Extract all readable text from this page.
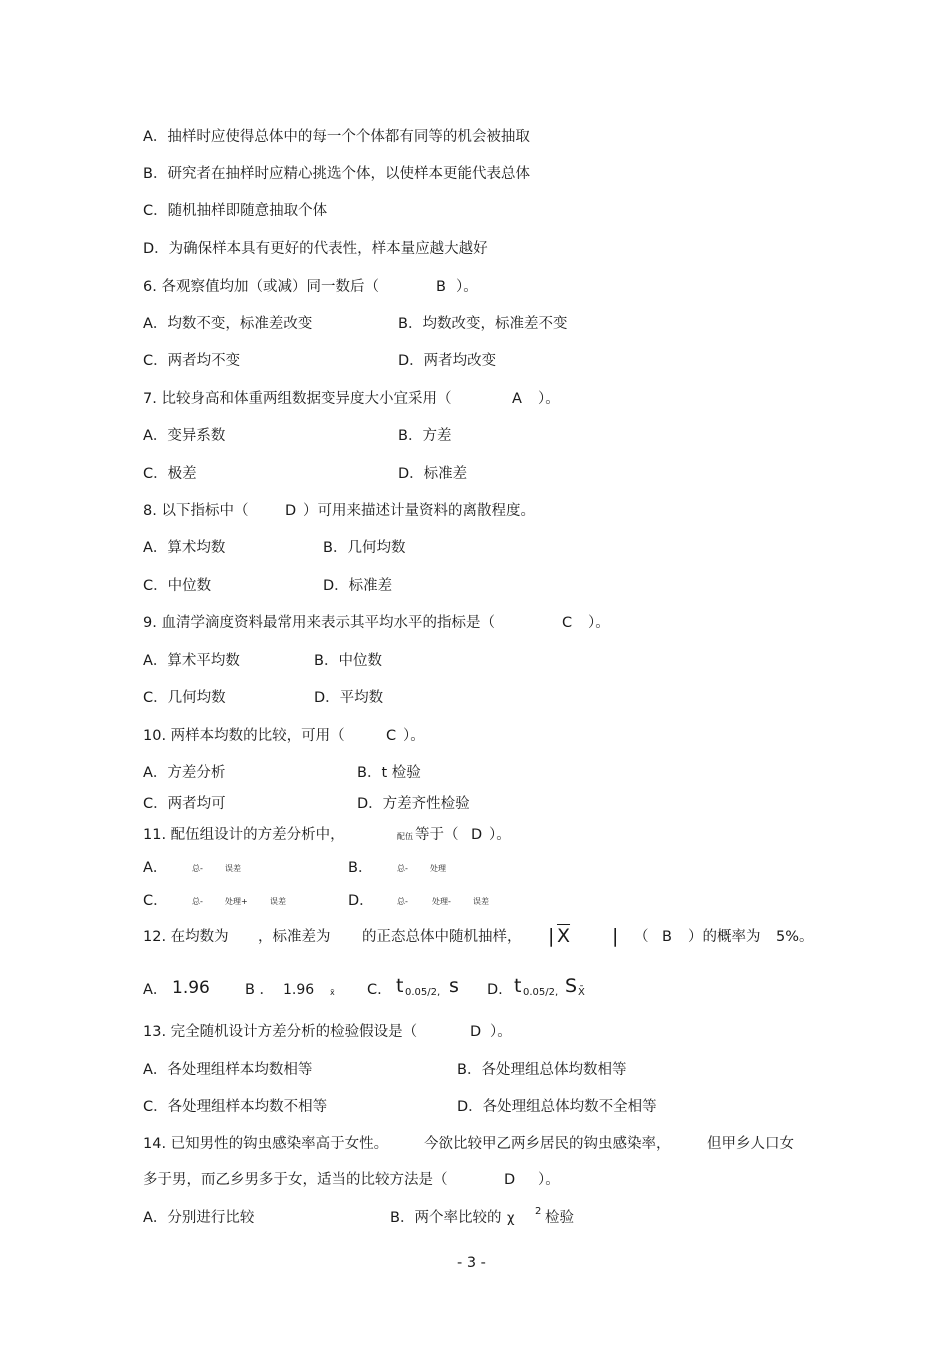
A．抽样时应使得总体中的每一个个体都有同等的机会被抽取
B．研究者在抽样时应精心挑选个体，以使样本更能代表总体
C．随机抽样即随意抽取个体
D．为确保样本具有更好的代表性，样本量应越大越好
6. 各观察值均加（或减）同一数后（	B ）。
A．均数不变，标准差改变	B．均数改变，标准差不变
C．两者均不变	D．两者均改变
7. 比较身高和体重两组数据变异度大小宜采用（	A ）。
A．变异系数	B．方差
C．极差	D．标准差
8. 以下指标中（	D ）可用来描述计量资料的离散程度。
A．算术均数	B．几何均数
C．中位数	D．标准差
9. 血清学滴度资料最常用来表示其平均水平的指标是（	C ）。
A．算术平均数	B．中位数
C．几何均数	D．平均数
10. 两样本均数的比较，可用（	C ）。
A．方差分析	B．t 检验
C．两者均可	D．方差齐性检验
11. 配伍组设计的方差分析中，	配伍 等于（ D ）。
A．	总-	误差	B．	总-	处理
C．	总-	处理+	误差	D．	总-	处理-	误差
12. 在均数为 ，标准差为 的正态总体中随机抽样， | $\overline{X}$ | （ B ）的概率为 5%。
A． 1.96 B ． 1.96 x̄ C. t 0.05/2, s D. t 0.05/2, S X̄
13. 完全随机设计方差分析的检验假设是（	D ）。
A．各处理组样本均数相等	B．各处理组总体均数相等
C．各处理组样本均数不相等	D．各处理组总体均数不全相等
14. 已知男性的钩虫感染率高于女性。 今欲比较甲乙两乡居民的钩虫感染率，	但甲乡人口女
多于男，而乙乡男多于女，适当的比较方法是（	D ）。
A．分别进行比较	B．两个率比较的 χ 2 检验
- 3 -
